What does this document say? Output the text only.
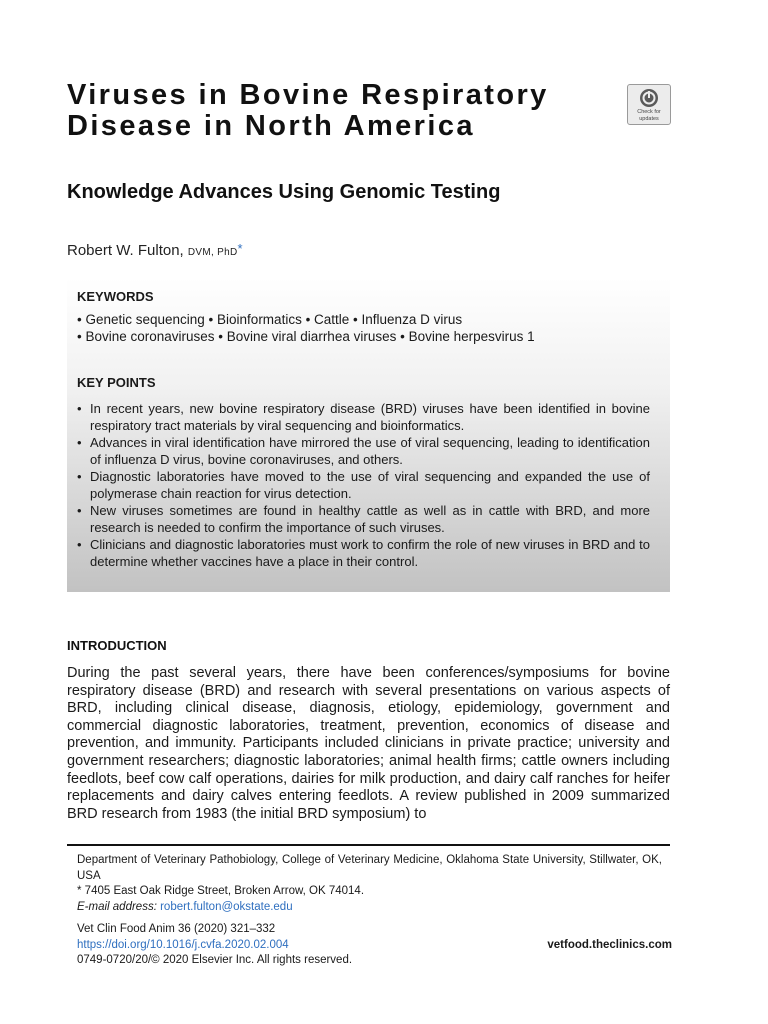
Viruses in Bovine Respiratory Disease in North America
Knowledge Advances Using Genomic Testing
Check for
updates
Robert W. Fulton, DVM, PhD*
KEYWORDS
• Genetic sequencing • Bioinformatics • Cattle • Influenza D virus
• Bovine coronaviruses • Bovine viral diarrhea viruses • Bovine herpesvirus 1
KEY POINTS
• In recent years, new bovine respiratory disease (BRD) viruses have been identified in bovine respiratory tract materials by viral sequencing and bioinformatics.
• Advances in viral identification have mirrored the use of viral sequencing, leading to identification of influenza D virus, bovine coronaviruses, and others.
• Diagnostic laboratories have moved to the use of viral sequencing and expanded the use of polymerase chain reaction for virus detection.
• New viruses sometimes are found in healthy cattle as well as in cattle with BRD, and more research is needed to confirm the importance of such viruses.
• Clinicians and diagnostic laboratories must work to confirm the role of new viruses in BRD and to determine whether vaccines have a place in their control.
INTRODUCTION

During the past several years, there have been conferences/symposiums for bovine respiratory disease (BRD) and research with several presentations on various aspects of BRD, including clinical disease, diagnosis, etiology, epidemiology, government and commercial diagnostic laboratories, treatment, prevention, economics of disease and prevention, and immunity. Participants included clinicians in private practice; university and government researchers; diagnostic laboratories; animal health firms; cattle owners including feedlots, beef cow calf operations, dairies for milk production, and dairy calf ranches for heifer replacements and dairy calves entering feedlots. A review published in 2009 summarized BRD research from 1983 (the initial BRD symposium) to

Department of Veterinary Pathobiology, College of Veterinary Medicine, Oklahoma State University, Stillwater, OK, USA

* 7405 East Oak Ridge Street, Broken Arrow, OK 74014.

E-mail address: robert.fulton@okstate.edu

Vet Clin Food Anim 36 (2020) 321–332

https://doi.org/10.1016/j.cvfa.2020.02.004

0749-0720/20/© 2020 Elsevier Inc. All rights reserved.

vetfood.theclinics.com
